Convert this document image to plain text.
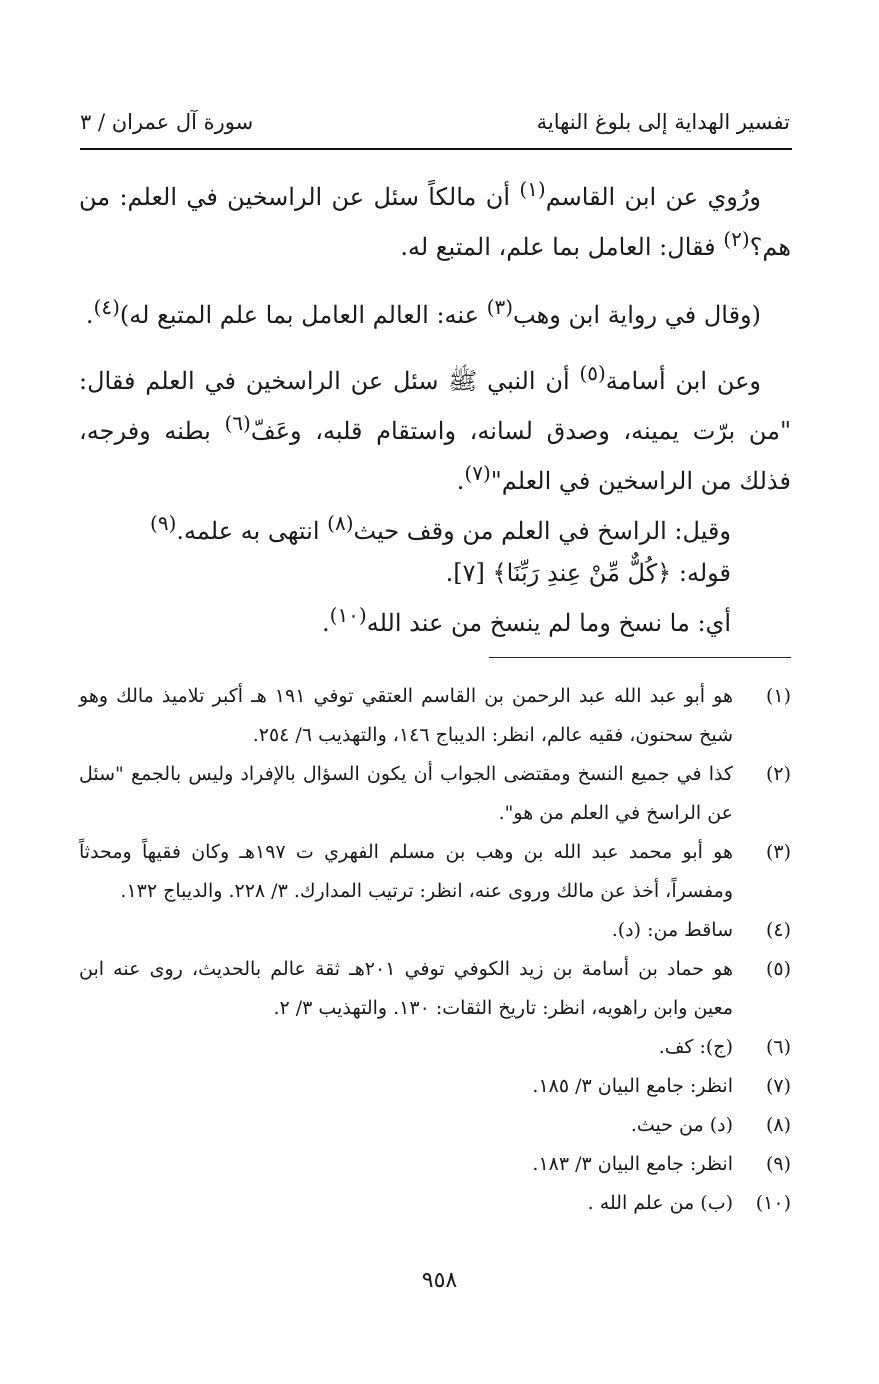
تفسير الهداية إلى بلوغ النهاية
سورة آل عمران / ٣

ورُوي عن ابن القاسم$^{(١)}$ أن مالكاً سئل عن الراسخين في العلم: من هم؟$^{(٢)}$ فقال: العامل بما علم، المتبع له.

(وقال في رواية ابن وهب$^{(٣)}$ عنه: العالم العامل بما علم المتبع له)$^{(٤)}$.

وعن ابن أسامة$^{(٥)}$ أن النبي ﷺ سئل عن الراسخين في العلم فقال: "من برّت يمينه، وصدق لسانه، واستقام قلبه، وعَفّ$^{(٦)}$ بطنه وفرجه، فذلك من الراسخين في العلم"$^{(٧)}$.

وقيل: الراسخ في العلم من وقف حيث$^{(٨)}$ انتهى به علمه.$^{(٩)}$

قوله: ﴿كُلٌّ مِّنْ عِندِ رَبِّنَا﴾ [٧].

أي: ما نسخ وما لم ينسخ من عند الله$^{(١٠)}$.

(١)
هو أبو عبد الله عبد الرحمن بن القاسم العتقي توفي ١٩١ هـ أكبر تلاميذ مالك وهو شيخ سحنون، فقيه عالم، انظر: الديباج ١٤٦، والتهذيب ٦/ ٢٥٤.
(٢)
كذا في جميع النسخ ومقتضى الجواب أن يكون السؤال بالإفراد وليس بالجمع "سئل عن الراسخ في العلم من هو".
(٣)
هو أبو محمد عبد الله بن وهب بن مسلم الفهري ت ١٩٧هـ وكان فقيهاً ومحدثاً ومفسراً، أخذ عن مالك وروى عنه، انظر: ترتيب المدارك. ٣/ ٢٢٨. والديباج ١٣٢.
(٤)
ساقط من: (د).
(٥)
هو حماد بن أسامة بن زيد الكوفي توفي ٢٠١هـ ثقة عالم بالحديث، روى عنه ابن معين وابن راهويه، انظر: تاريخ الثقات: ١٣٠. والتهذيب ٣/ ٢.
(٦)
(ج): كف.
(٧)
انظر: جامع البيان ٣/ ١٨٥.
(٨)
(د) من حيث.
(٩)
انظر: جامع البيان ٣/ ١٨٣.
(١٠)
(ب) من علم الله .
٩٥٨
